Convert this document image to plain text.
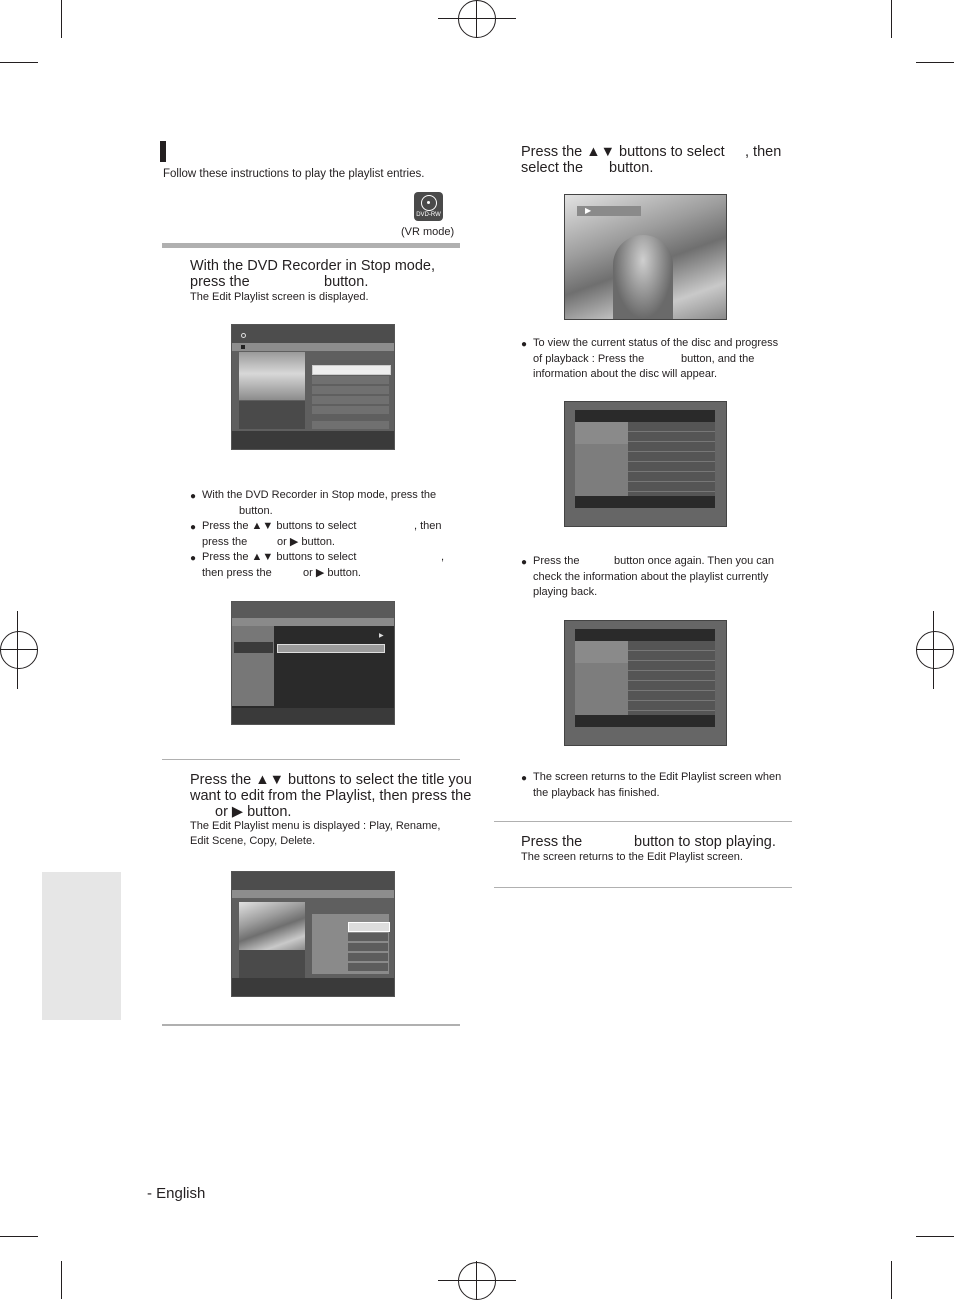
Follow these instructions to play the playlist entries.
DVD-RW
(VR mode)
With the DVD Recorder in Stop mode,
press the	button.
The Edit Playlist screen is displayed.
● With the DVD Recorder in Stop mode, press the
button.
● Press the ▲▼ buttons to select	, then
press the	or ▶ button.
● Press the ▲▼ buttons to select	,
then press the	or ▶ button.
▶
Press the ▲▼ buttons to select the title you
want to edit from the Playlist, then press the
or ▶ button.
The Edit Playlist menu is displayed : Play, Rename,
Edit Scene, Copy, Delete.
Press the ▲▼ buttons to select , then
select the button.
▶
● To view the current status of the disc and progress
of playback : Press the	button, and the
information about the disc will appear.
● Press the	button once again. Then you can
check the information about the playlist currently
playing back.
● The screen returns to the Edit Playlist screen when
the playback has finished.
Press the	button to stop playing.
The screen returns to the Edit Playlist screen.
- English
